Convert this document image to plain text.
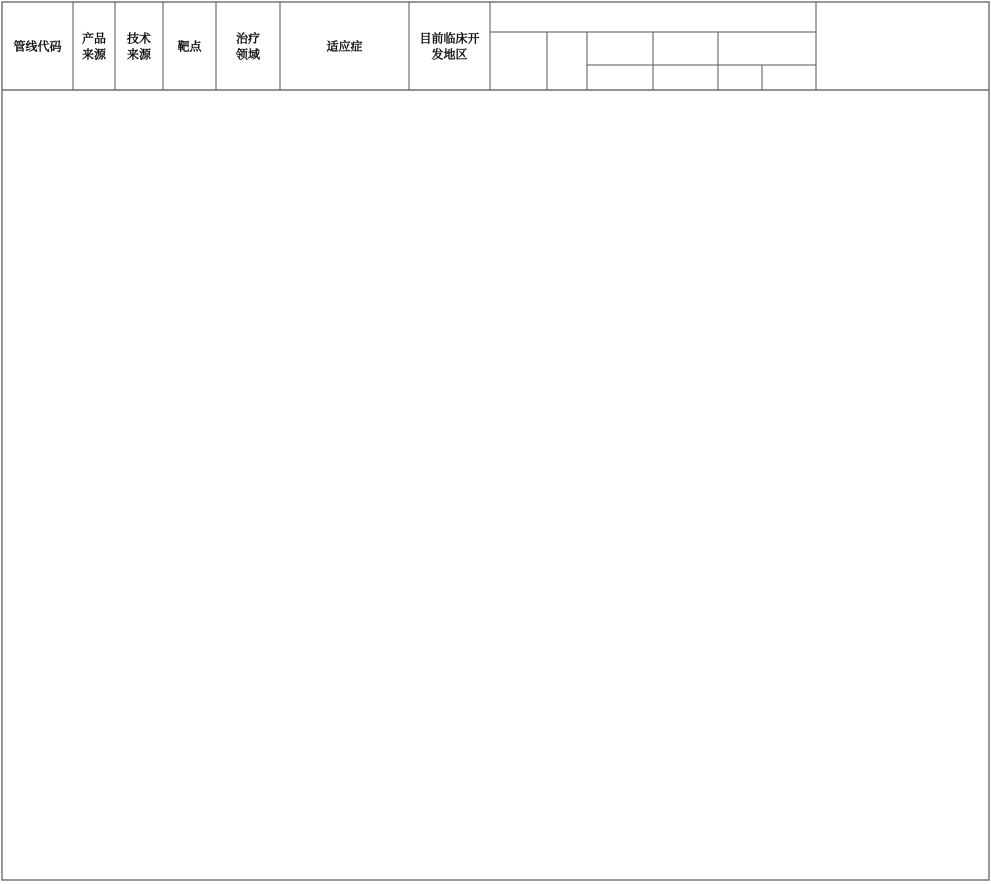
管线代码
产品来源
技术来源
靶点
治疗领域
适应症
目前临床开发地区
